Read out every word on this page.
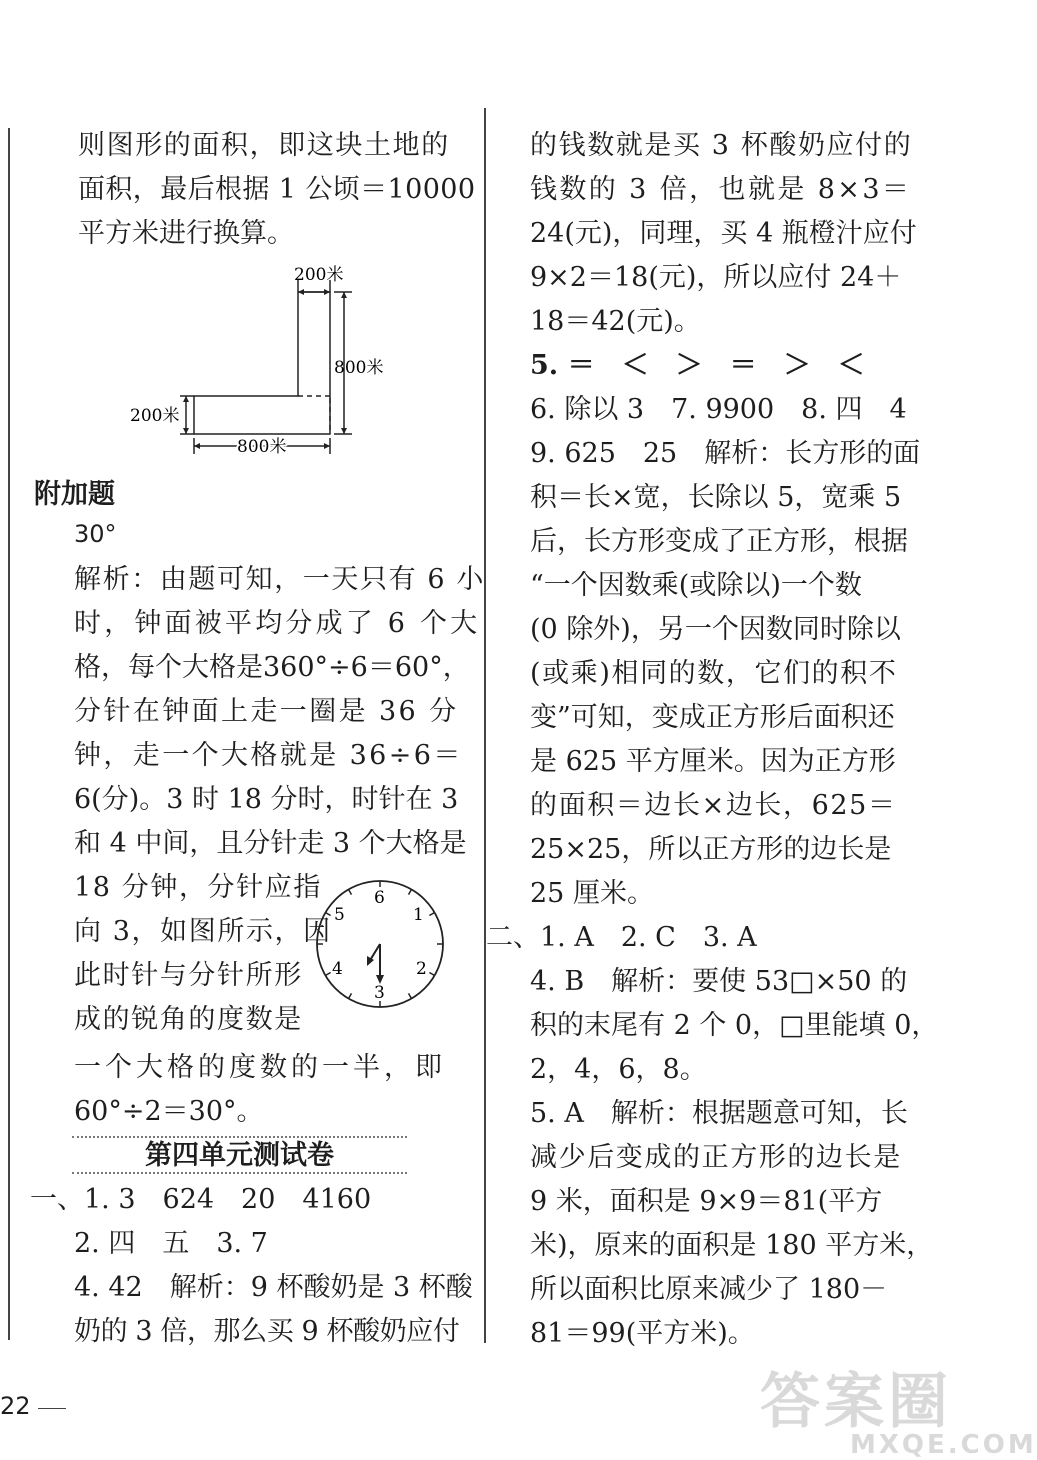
则图形的面积，即这块土地的
面积，最后根据 1 公顷＝10000
平方米进行换算。
200米
800米
200米
800米
附加题
30°
解析：由题可知，一天只有 6 小
时，钟面被平均分成了 6 个大
格，每个大格是360°÷6＝60°，
分针在钟面上走一圈是 36 分
钟，走一个大格就是 36÷6＝
6(分)。3 时 18 分时，时针在 3
和 4 中间，且分针走 3 个大格是
18 分钟，分针应指
向 3，如图所示，因
此时针与分针所形
成的锐角的度数是
一个大格的度数的一半，即
60°÷2＝30°。
6
1
2
3
4
5
第四单元测试卷
一、1. 3　624　20　4160
2. 四　五　3. 7
4. 42　解析：9 杯酸奶是 3 杯酸
奶的 3 倍，那么买 9 杯酸奶应付
的钱数就是买 3 杯酸奶应付的
钱数的 3 倍，也就是 8×3＝
24(元)，同理，买 4 瓶橙汁应付
9×2＝18(元)，所以应付 24＋
18＝42(元)。
5. ＝　＜　＞　＝　＞　＜
6. 除以 3　7. 9900　8. 四　4
9. 625　25　解析：长方形的面
积＝长×宽，长除以 5，宽乘 5
后，长方形变成了正方形，根据
“一个因数乘(或除以)一个数
(0 除外)，另一个因数同时除以
(或乘)相同的数，它们的积不
变”可知，变成正方形后面积还
是 625 平方厘米。因为正方形
的面积＝边长×边长，625＝
25×25，所以正方形的边长是
25 厘米。
二、1. A　2. C　3. A
4. B　解析：要使 53□×50 的
积的末尾有 2 个 0，□里能填 0，
2，4，6，8。
5. A　解析：根据题意可知，长
减少后变成的正方形的边长是
9 米，面积是 9×9＝81(平方
米)，原来的面积是 180 平方米，
所以面积比原来减少了 180－
81＝99(平方米)。
22	答案圈
MXQE.COM
